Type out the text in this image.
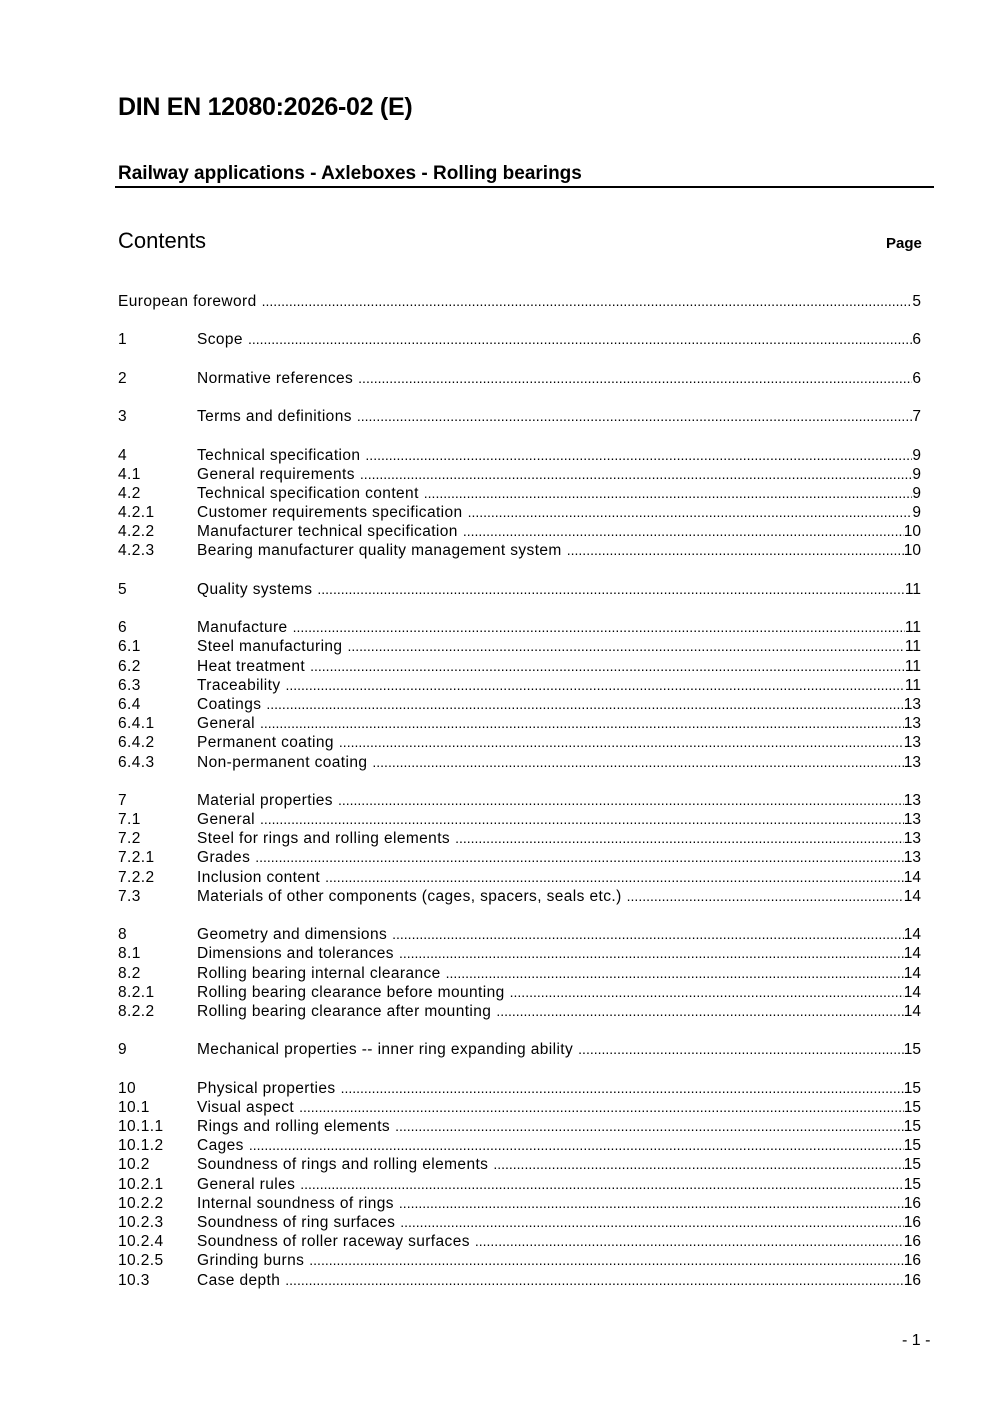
DIN EN 12080:2026-02 (E)
Railway applications - Axleboxes - Rolling bearings
Contents	Page
European foreword .....	5
1	Scope .....	6
2	Normative references .....	6
3	Terms and definitions .....	7
4	Technical specification .....	9
4.1	General requirements .....	9
4.2	Technical specification content .....	9
4.2.1	Customer requirements specification .....	9
4.2.2	Manufacturer technical specification .....	10
4.2.3	Bearing manufacturer quality management system .....	10
5	Quality systems .....	11
6	Manufacture .....	11
6.1	Steel manufacturing .....	11
6.2	Heat treatment .....	11
6.3	Traceability .....	11
6.4	Coatings .....	13
6.4.1	General .....	13
6.4.2	Permanent coating .....	13
6.4.3	Non-permanent coating .....	13
7	Material properties .....	13
7.1	General .....	13
7.2	Steel for rings and rolling elements .....	13
7.2.1	Grades .....	13
7.2.2	Inclusion content .....	14
7.3	Materials of other components (cages, spacers, seals etc.) .....	14
8	Geometry and dimensions .....	14
8.1	Dimensions and tolerances .....	14
8.2	Rolling bearing internal clearance .....	14
8.2.1	Rolling bearing clearance before mounting .....	14
8.2.2	Rolling bearing clearance after mounting .....	14
9	Mechanical properties -- inner ring expanding ability .....	15
10	Physical properties .....	15
10.1	Visual aspect .....	15
10.1.1	Rings and rolling elements .....	15
10.1.2	Cages .....	15
10.2	Soundness of rings and rolling elements .....	15
10.2.1	General rules .....	15
10.2.2	Internal soundness of rings .....	16
10.2.3	Soundness of ring surfaces .....	16
10.2.4	Soundness of roller raceway surfaces .....	16
10.2.5	Grinding burns .....	16
10.3	Case depth .....	16
- 1 -
